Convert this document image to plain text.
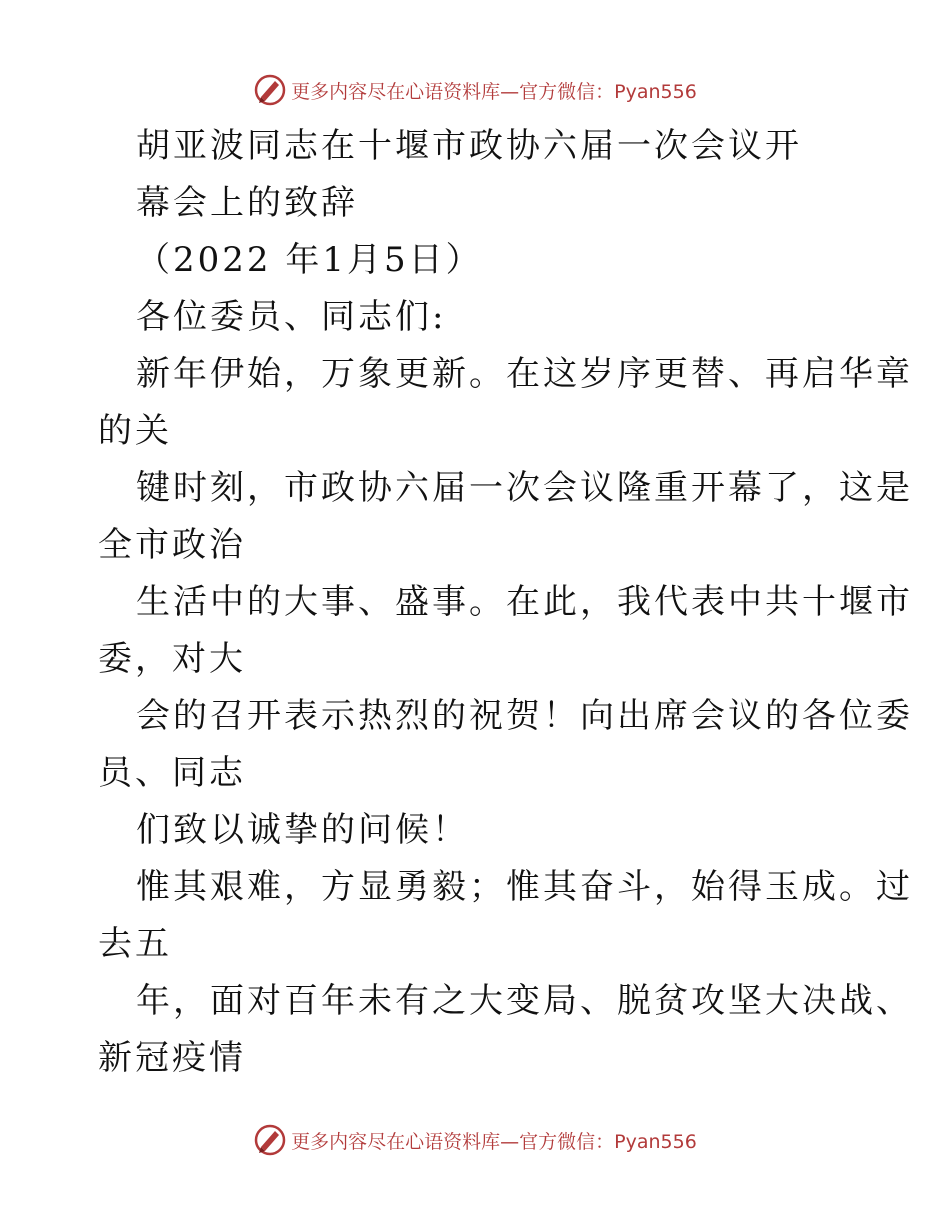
更多内容尽在心语资料库—官方微信：Pyan556
胡亚波同志在十堰市政协六届一次会议开
幕会上的致辞
（2022 年1月5日）
各位委员、同志们:
新年伊始，万象更新。在这岁序更替、再启华章
的关
键时刻，市政协六届一次会议隆重开幕了，这是
全市政治
生活中的大事、盛事。在此，我代表中共十堰市
委，对大
会的召开表示热烈的祝贺！向出席会议的各位委
员、同志
们致以诚挚的问候！
惟其艰难，方显勇毅；惟其奋斗，始得玉成。过
去五
年，面对百年未有之大变局、脱贫攻坚大决战、
新冠疫情
更多内容尽在心语资料库—官方微信：Pyan556
